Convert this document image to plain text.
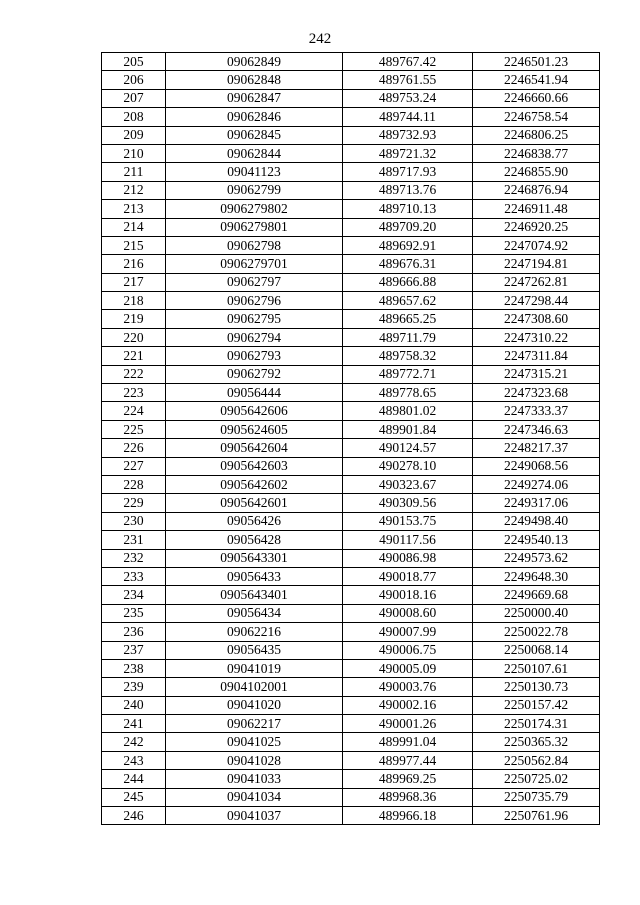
242
205	09062849	489767.42	2246501.23
206	09062848	489761.55	2246541.94
207	09062847	489753.24	2246660.66
208	09062846	489744.11	2246758.54
209	09062845	489732.93	2246806.25
210	09062844	489721.32	2246838.77
211	09041123	489717.93	2246855.90
212	09062799	489713.76	2246876.94
213	0906279802	489710.13	2246911.48
214	0906279801	489709.20	2246920.25
215	09062798	489692.91	2247074.92
216	0906279701	489676.31	2247194.81
217	09062797	489666.88	2247262.81
218	09062796	489657.62	2247298.44
219	09062795	489665.25	2247308.60
220	09062794	489711.79	2247310.22
221	09062793	489758.32	2247311.84
222	09062792	489772.71	2247315.21
223	09056444	489778.65	2247323.68
224	0905642606	489801.02	2247333.37
225	0905624605	489901.84	2247346.63
226	0905642604	490124.57	2248217.37
227	0905642603	490278.10	2249068.56
228	0905642602	490323.67	2249274.06
229	0905642601	490309.56	2249317.06
230	09056426	490153.75	2249498.40
231	09056428	490117.56	2249540.13
232	0905643301	490086.98	2249573.62
233	09056433	490018.77	2249648.30
234	0905643401	490018.16	2249669.68
235	09056434	490008.60	2250000.40
236	09062216	490007.99	2250022.78
237	09056435	490006.75	2250068.14
238	09041019	490005.09	2250107.61
239	0904102001	490003.76	2250130.73
240	09041020	490002.16	2250157.42
241	09062217	490001.26	2250174.31
242	09041025	489991.04	2250365.32
243	09041028	489977.44	2250562.84
244	09041033	489969.25	2250725.02
245	09041034	489968.36	2250735.79
246	09041037	489966.18	2250761.96
